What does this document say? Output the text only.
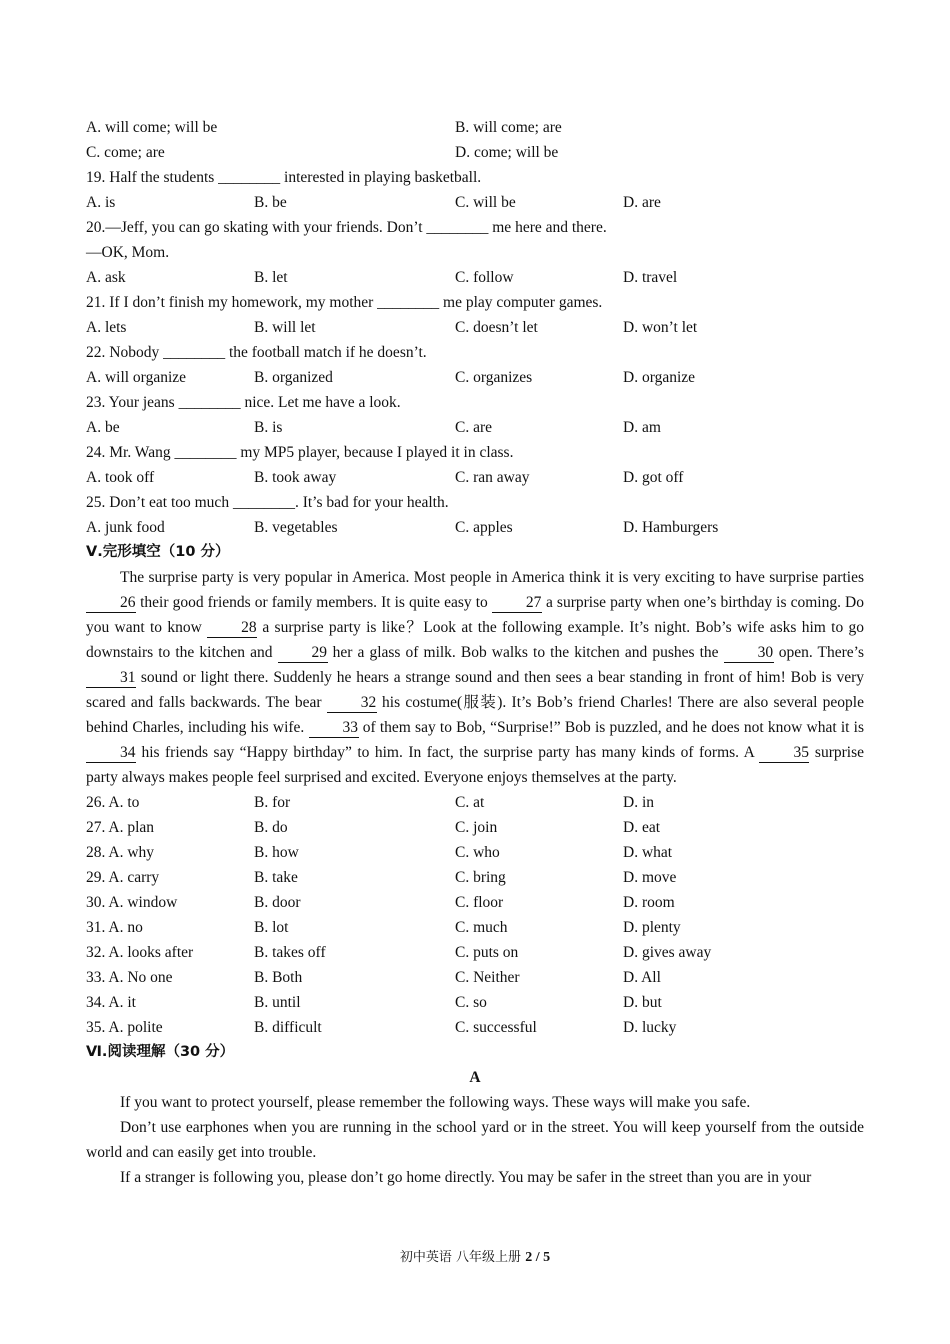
A. will come; will be	B. will come; are
C. come; are	D. come; will be
19. Half the students ________ interested in playing basketball.
A. is	B. be	C. will be	D. are
20.—Jeff, you can go skating with your friends. Don’t ________ me here and there.
—OK, Mom.
A. ask	B. let	C. follow	D. travel
21. If I don’t finish my homework, my mother ________ me play computer games.
A. lets	B. will let	C. doesn’t let	D. won’t let
22. Nobody ________ the football match if he doesn’t.
A. will organize	B. organized	C. organizes	D. organize
23. Your jeans ________ nice. Let me have a look.
A. be	B. is	C. are	D. am
24. Mr. Wang ________ my MP5 player, because I played it in class.
A. took off	B. took away	C. ran away	D. got off
25. Don’t eat too much ________. It’s bad for your health.
A. junk food	B. vegetables	C. apples	D. Hamburgers
Ⅴ.完形填空（10 分）
The surprise party is very popular in America. Most people in America think it is very exciting to have surprise parties 26 their good friends or family members. It is quite easy to 27 a surprise party when one’s birthday is coming. Do you want to know 28 a surprise party is like？Look at the following example. It’s night. Bob’s wife asks him to go downstairs to the kitchen and 29 her a glass of milk. Bob walks to the kitchen and pushes the 30 open. There’s 31 sound or light there. Suddenly he hears a strange sound and then sees a bear standing in front of him! Bob is very scared and falls backwards. The bear 32 his costume(服装). It’s Bob’s friend Charles! There are also several people behind Charles, including his wife. 33 of them say to Bob, “Surprise!” Bob is puzzled, and he does not know what it is 34 his friends say “Happy birthday” to him. In fact, the surprise party has many kinds of forms. A 35 surprise party always makes people feel surprised and excited. Everyone enjoys themselves at the party.
26. A. to	B. for	C. at	D. in
27. A. plan	B. do	C. join	D. eat
28. A. why	B. how	C. who	D. what
29. A. carry	B. take	C. bring	D. move
30. A. window	B. door	C. floor	D. room
31. A. no	B. lot	C. much	D. plenty
32. A. looks after	B. takes off	C. puts on	D. gives away
33. A. No one	B. Both	C. Neither	D. All
34. A. it	B. until	C. so	D. but
35. A. polite	B. difficult	C. successful	D. lucky
Ⅵ.阅读理解（30 分）
A
If you want to protect yourself, please remember the following ways. These ways will make you safe.
Don’t use earphones when you are running in the school yard or in the street. You will keep yourself from the outside world and can easily get into trouble.
If a stranger is following you, please don’t go home directly. You may be safer in the street than you are in your
初中英语 八年级上册 2 / 5
